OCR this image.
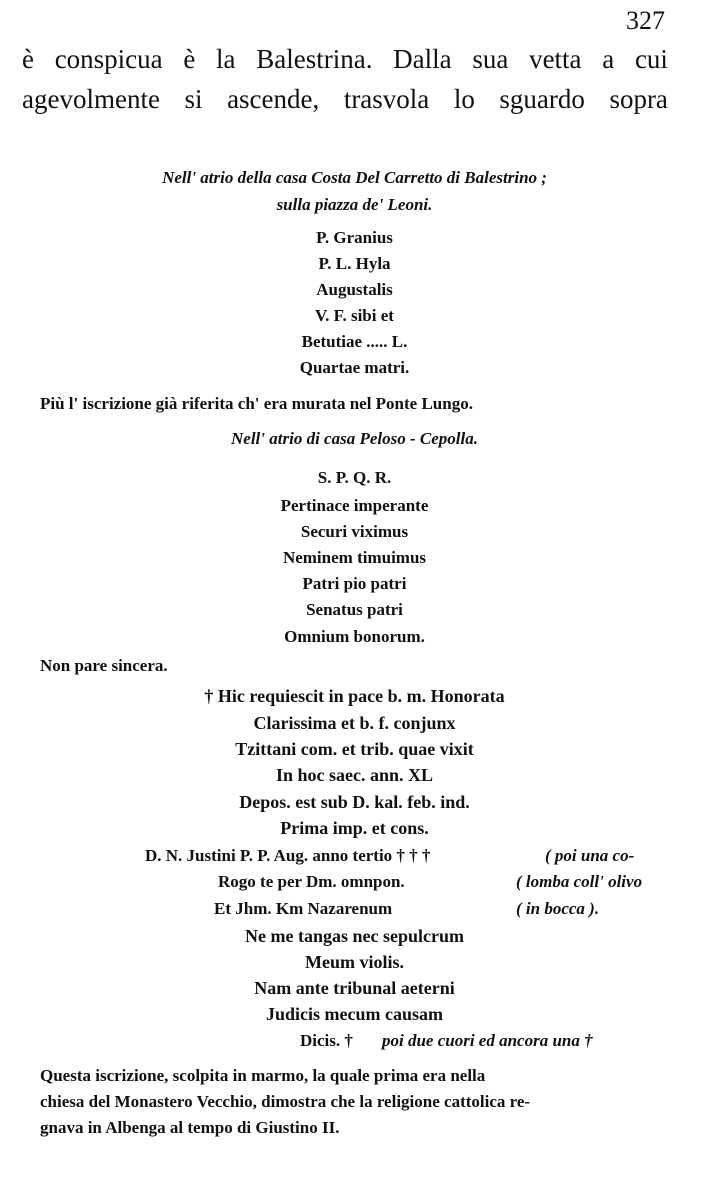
327
è conspicua è la Balestrina. Dalla sua vetta a cui
agevolmente si ascende, trasvola lo sguardo sopra
Nell' atrio della casa Costa Del Carretto di Balestrino ;
sulla piazza de' Leoni.
P. Granius
P. L. Hyla
Augustalis
V. F. sibi et
Betutiae ..... L.
Quartae matri.
Più l' iscrizione già riferita ch' era murata nel Ponte Lungo.
Nell' atrio di casa Peloso - Cepolla.
S. P. Q. R.
Pertinace imperante
Securi viximus
Neminem timuimus
Patri pio patri
Senatus patri
Omnium bonorum.
Non pare sincera.
† Hic requiescit in pace b. m. Honorata
Clarissima et b. f. conjunx
Tzittani com. et trib. quae vixit
In hoc saec. ann. XL
Depos. est sub D. kal. feb. ind.
Prima imp. et cons.
D. N. Justini P. P. Aug. anno tertio † † †	( poi una co-
Rogo te per Dm. omnpon.	( lomba coll' olivo
Et Jhm. Km Nazarenum	( in bocca ).
Ne me tangas nec sepulcrum
Meum violis.
Nam ante tribunal aeterni
Judicis mecum causam
Dicis. † poi due cuori ed ancora una †
Questa iscrizione, scolpita in marmo, la quale prima era nella
chiesa del Monastero Vecchio, dimostra che la religione cattolica re-
gnava in Albenga al tempo di Giustino II.
